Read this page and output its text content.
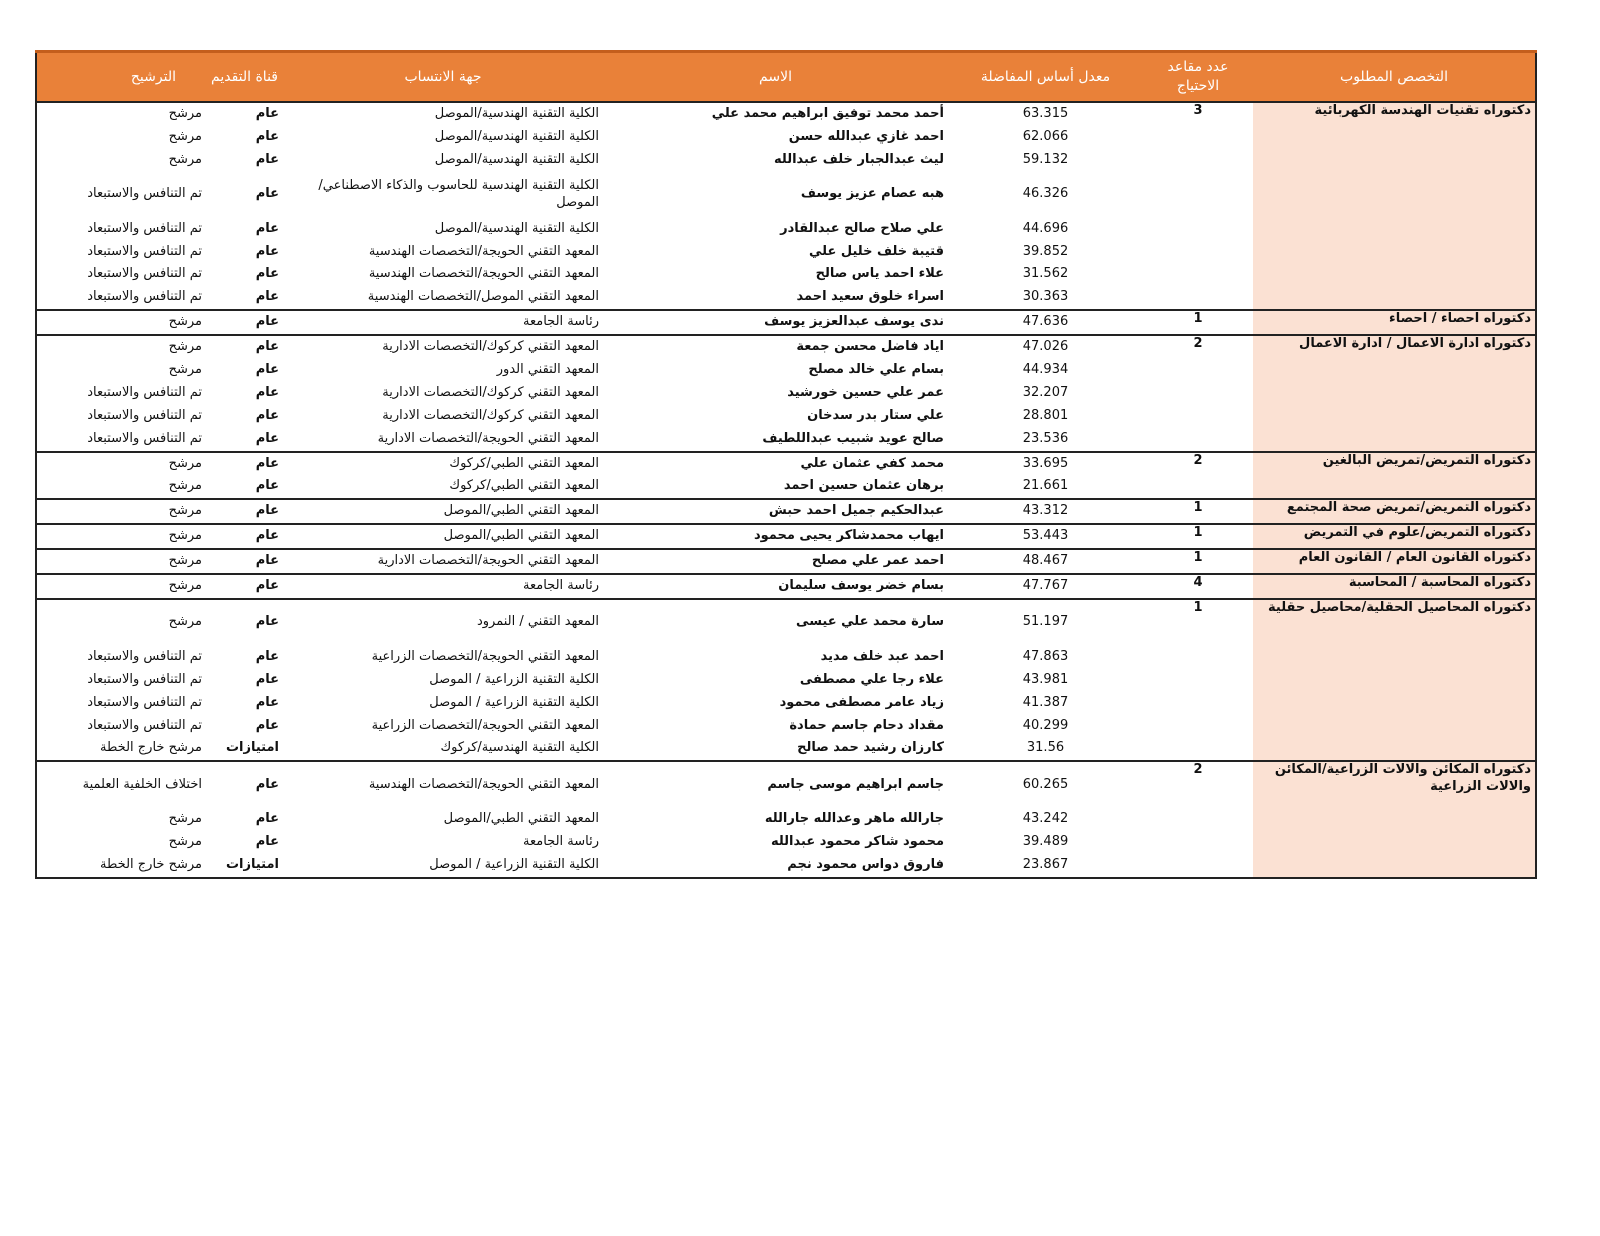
التخصص المطلوب	عدد مقاعد الاحتياج	معدل أساس المفاضلة	الاسم	جهة الانتساب	قناة التقديم	الترشيح
دكتوراه تقنيات الهندسة الكهربائية	3	63.315	أحمد محمد توفيق ابراهيم محمد علي	الكلية التقنية الهندسية/الموصل	عام	مرشح
		62.066	احمد غازي عبدالله حسن	الكلية التقنية الهندسية/الموصل	عام	مرشح
		59.132	ليث عبدالجبار خلف عبدالله	الكلية التقنية الهندسية/الموصل	عام	مرشح
		46.326	هبه عصام عزيز يوسف	الكلية التقنية الهندسية للحاسوب والذكاء الاصطناعي/الموصل	عام	تم التنافس والاستبعاد
		44.696	علي صلاح صالح عبدالقادر	الكلية التقنية الهندسية/الموصل	عام	تم التنافس والاستبعاد
		39.852	قتيبة خلف خليل علي	المعهد التقني الحويجة/التخصصات الهندسية	عام	تم التنافس والاستبعاد
		31.562	علاء احمد ياس صالح	المعهد التقني الحويجة/التخصصات الهندسية	عام	تم التنافس والاستبعاد
		30.363	اسراء خلوق سعيد احمد	المعهد التقني الموصل/التخصصات الهندسية	عام	تم التنافس والاستبعاد
دكتوراه احصاء / احصاء	1	47.636	ندى يوسف عبدالعزيز يوسف	رئاسة الجامعة	عام	مرشح
دكتوراه ادارة الاعمال / ادارة الاعمال	2	47.026	اياد فاضل محسن جمعة	المعهد التقني كركوك/التخصصات الادارية	عام	مرشح
		44.934	بسام علي خالد مصلح	المعهد التقني الدور	عام	مرشح
		32.207	عمر علي حسين خورشيد	المعهد التقني كركوك/التخصصات الادارية	عام	تم التنافس والاستبعاد
		28.801	علي ستار بدر سدخان	المعهد التقني كركوك/التخصصات الادارية	عام	تم التنافس والاستبعاد
		23.536	صالح عويد شبيب عبداللطيف	المعهد التقني الحويجة/التخصصات الادارية	عام	تم التنافس والاستبعاد
دكتوراه التمريض/تمريض البالغين	2	33.695	محمد كفي عثمان علي	المعهد التقني الطبي/كركوك	عام	مرشح
		21.661	برهان عثمان حسين احمد	المعهد التقني الطبي/كركوك	عام	مرشح
دكتوراه التمريض/تمريض صحة المجتمع	1	43.312	عبدالحكيم جميل احمد حبش	المعهد التقني الطبي/الموصل	عام	مرشح
دكتوراه التمريض/علوم في التمريض	1	53.443	ايهاب محمدشاكر يحيى محمود	المعهد التقني الطبي/الموصل	عام	مرشح
دكتوراه القانون العام / القانون العام	1	48.467	احمد عمر علي مصلح	المعهد التقني الحويجة/التخصصات الادارية	عام	مرشح
دكتوراه المحاسبة / المحاسبة	4	47.767	بسام خضر يوسف سليمان	رئاسة الجامعة	عام	مرشح
دكتوراه المحاصيل الحقلية/محاصيل حقلية	1	51.197	سارة محمد علي عيسى	المعهد التقني / النمرود	عام	مرشح
		47.863	احمد عبد خلف مديد	المعهد التقني الحويجة/التخصصات الزراعية	عام	تم التنافس والاستبعاد
		43.981	علاء رجا علي مصطفى	الكلية التقنية الزراعية / الموصل	عام	تم التنافس والاستبعاد
		41.387	زياد عامر مصطفى محمود	الكلية التقنية الزراعية / الموصل	عام	تم التنافس والاستبعاد
		40.299	مقداد دحام جاسم حمادة	المعهد التقني الحويجة/التخصصات الزراعية	عام	تم التنافس والاستبعاد
		31.56	كارزان رشيد حمد صالح	الكلية التقنية الهندسية/كركوك	امتيازات	مرشح خارج الخطة
دكتوراه المكائن والالات الزراعية/المكائن والالات الزراعية	2	60.265	جاسم ابراهيم موسى جاسم	المعهد التقني الحويجة/التخصصات الهندسية	عام	اختلاف الخلفية العلمية
		43.242	جارالله ماهر وعدالله جارالله	المعهد التقني الطبي/الموصل	عام	مرشح
		39.489	محمود شاكر محمود عبدالله	رئاسة الجامعة	عام	مرشح
		23.867	فاروق دواس محمود نجم	الكلية التقنية الزراعية / الموصل	امتيازات	مرشح خارج الخطة
